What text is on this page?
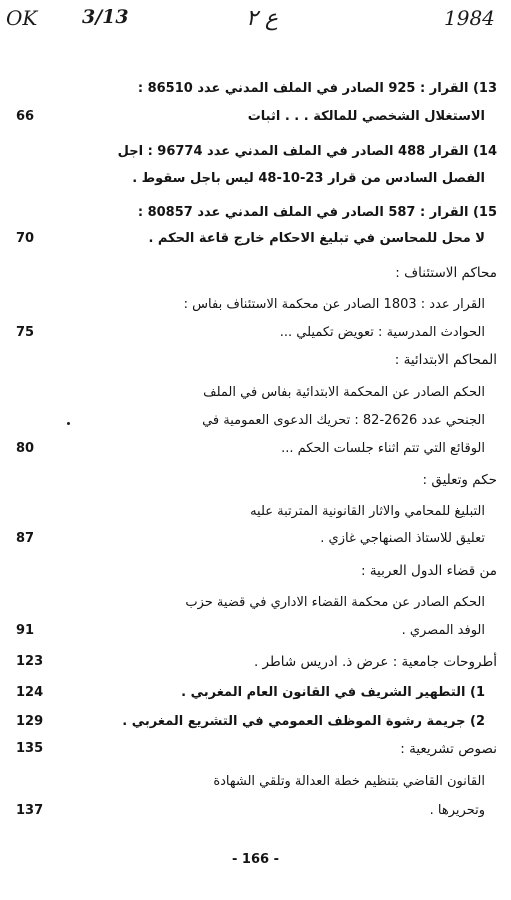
OK 3/13	ع ٢	1984
13) القرار : 925 الصادر في الملف المدني عدد 86510 :
الاستغلال الشخصي للمالكة . . . اثبات
66
14) القرار 488 الصادر في الملف المدني عدد 96774 : اجل
الفصل السادس من قرار 23-10-48 ليس باجل سقوط .
15) القرار : 587 الصادر في الملف المدني عدد 80857 :
لا محل للمحاسن في تبليغ الاحكام خارج قاعة الحكم .
70
محاكم الاستئناف :
القرار عدد : 1803 الصادر عن محكمة الاستئناف بفاس :
الحوادث المدرسية : تعويض تكميلي ...
75
المحاكم الابتدائية :
الحكم الصادر عن المحكمة الابتدائية بفاس في الملف
الجنحي عدد 2626-82 : تحريك الدعوى العمومية في
الوقائع التي تتم اثناء جلسات الحكم ...
80
حكم وتعليق :
التبليغ للمحامي والاثار القانونية المترتبة عليه
تعليق للاستاذ الصنهاجي غازي .
87
من قضاء الدول العربية :
الحكم الصادر عن محكمة القضاء الاداري في قضية حزب
الوفد المصري .
91
أطروحات جامعية : عرض ذ. ادريس شاطر .
123
1) التطهير الشريف في القانون العام المغربي .
124
2) جريمة رشوة الموظف العمومي في التشريع المغربي .
129
نصوص تشريعية :
135
القانون القاضي بتنظيم خطة العدالة وتلقي الشهادة
وتحريرها .
137
- 166 -
